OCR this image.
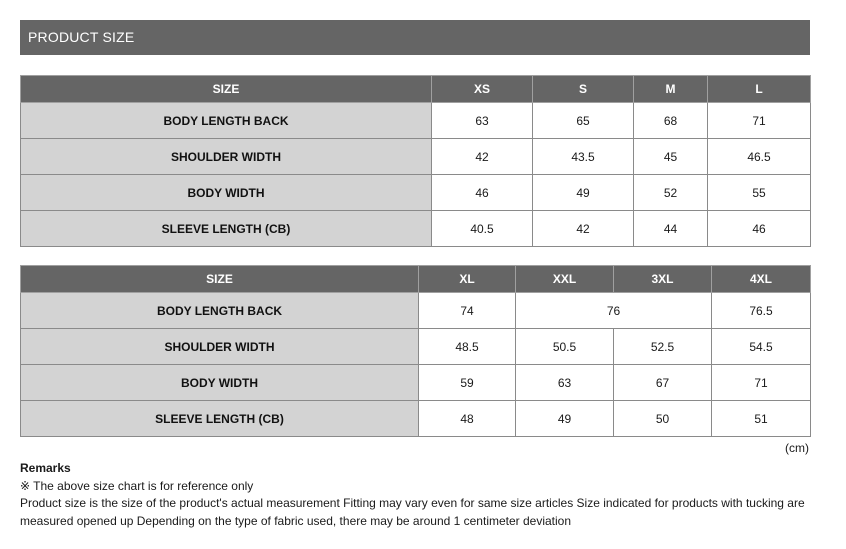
PRODUCT SIZE
SIZE	XS	S	M	L
BODY LENGTH BACK	63	65	68	71
SHOULDER WIDTH	42	43.5	45	46.5
BODY WIDTH	46	49	52	55
SLEEVE LENGTH (CB)	40.5	42	44	46
SIZE	XL	XXL	3XL	4XL
BODY LENGTH BACK	74	76		76.5
SHOULDER WIDTH	48.5	50.5	52.5	54.5
BODY WIDTH	59	63	67	71
SLEEVE LENGTH (CB)	48	49	50	51
(cm)

Remarks

※ The above size chart is for reference only

Product size is the size of the product's actual measurement Fitting may vary even for same size articles Size indicated for products with tucking are measured opened up Depending on the type of fabric used, there may be around 1 centimeter deviation
